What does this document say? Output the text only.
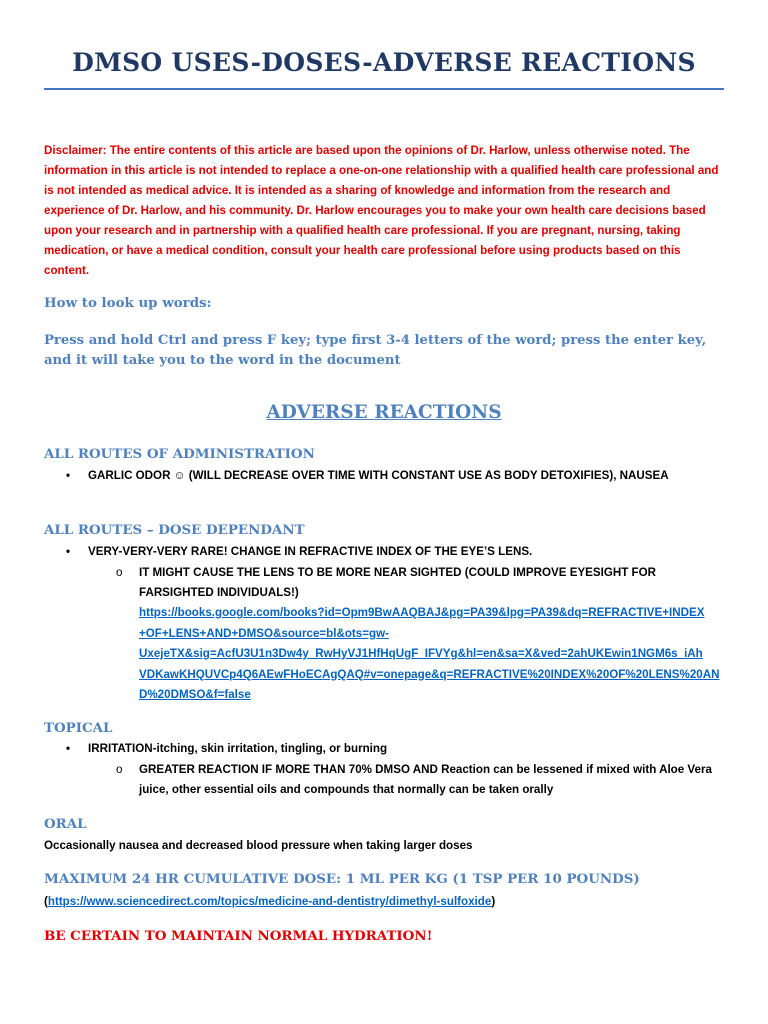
DMSO USES-DOSES-ADVERSE REACTIONS
Disclaimer: The entire contents of this article are based upon the opinions of Dr. Harlow, unless otherwise noted. The information in this article is not intended to replace a one-on-one relationship with a qualified health care professional and is not intended as medical advice. It is intended as a sharing of knowledge and information from the research and experience of Dr. Harlow, and his community. Dr. Harlow encourages you to make your own health care decisions based upon your research and in partnership with a qualified health care professional. If you are pregnant, nursing, taking medication, or have a medical condition, consult your health care professional before using products based on this content.
How to look up words:
Press and hold Ctrl and press F key; type first 3-4 letters of the word; press the enter key, and it will take you to the word in the document
ADVERSE REACTIONS
ALL ROUTES OF ADMINISTRATION
• GARLIC ODOR ☺ (WILL DECREASE OVER TIME WITH CONSTANT USE AS BODY DETOXIFIES), NAUSEA
ALL ROUTES – DOSE DEPENDANT
• VERY-VERY-VERY RARE! CHANGE IN REFRACTIVE INDEX OF THE EYE’S LENS.
o IT MIGHT CAUSE THE LENS TO BE MORE NEAR SIGHTED (COULD IMPROVE EYESIGHT FOR FARSIGHTED INDIVIDUALS!)
https://books.google.com/books?id=Opm9BwAAQBAJ&pg=PA39&lpg=PA39&dq=REFRACTIVE+INDEX
+OF+LENS+AND+DMSO&source=bl&ots=gw-
UxejeTX&sig=AcfU3U1n3Dw4y_RwHyVJ1HfHqUgF_IFVYg&hl=en&sa=X&ved=2ahUKEwin1NGM6s_iAh
VDKawKHQUVCp4Q6AEwFHoECAgQAQ#v=onepage&q=REFRACTIVE%20INDEX%20OF%20LENS%20AN
D%20DMSO&f=false
TOPICAL
• IRRITATION-itching, skin irritation, tingling, or burning
o GREATER REACTION IF MORE THAN 70% DMSO AND Reaction can be lessened if mixed with Aloe Vera juice, other essential oils and compounds that normally can be taken orally
ORAL
Occasionally nausea and decreased blood pressure when taking larger doses
MAXIMUM 24 HR CUMULATIVE DOSE: 1 ML PER KG (1 TSP PER 10 POUNDS)
(https://www.sciencedirect.com/topics/medicine-and-dentistry/dimethyl-sulfoxide)
BE CERTAIN TO MAINTAIN NORMAL HYDRATION!
